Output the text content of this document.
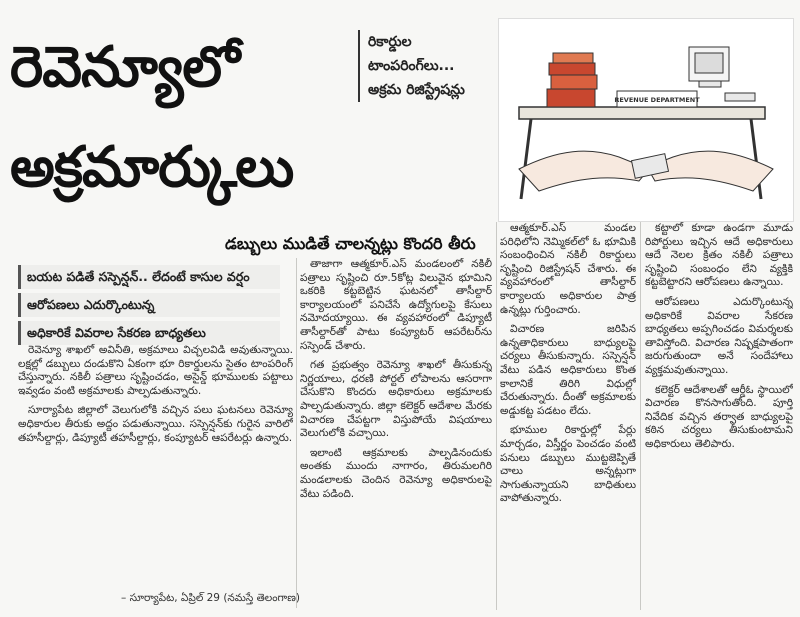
రెవెన్యూలో
అక్రమార్కులు
రికార్డుల
టాంపరింగ్‌లు...
అక్రమ రిజిస్ట్రేషన్లు
REVENUE DEPARTMENT
డబ్బులు ముడితే చాలన్నట్లు కొందరి తీరు
బయట పడితే సస్పెన్షన్‌.. లేదంటే కాసుల వర్షం
ఆరోపణలు ఎదుర్కొంటున్న
అధికారికే వివరాల సేకరణ బాధ్యతలు

రెవెన్యూ శాఖలో అవినీతి, అక్రమాలు విచ్చలవిడి అవుతున్నాయి. లక్షల్లో డబ్బులు దండుకొని ఏకంగా భూ రికార్డులను సైతం టాంపరింగ్‌ చేస్తున్నారు. నకిలీ పత్రాలు సృష్టించడం, అసైన్డ్‌ భూములకు పట్టాలు ఇవ్వడం వంటి అక్రమాలకు పాల్పడుతున్నారు.

సూర్యాపేట జిల్లాలో వెలుగులోకి వచ్చిన పలు ఘటనలు రెవెన్యూ అధికారుల తీరుకు అద్దం పడుతున్నాయి. సస్పెన్షన్‌కు గురైన వారిలో తహసీల్దార్లు, డిప్యూటీ తహసీల్దార్లు, కంప్యూటర్‌ ఆపరేటర్లు ఉన్నారు.

తాజాగా ఆత్మకూర్‌.ఎస్‌ మండలంలో నకిలీ పత్రాలు సృష్టించి రూ.5కోట్ల విలువైన భూమిని ఒకరికి కట్టబెట్టిన ఘటనలో తాసీల్దార్‌ కార్యాలయంలో పనిచేసే ఉద్యోగులపై కేసులు నమోదయ్యాయి. ఈ వ్యవహారంలో డిప్యూటీ తాసీల్దార్‌తో పాటు కంప్యూటర్‌ ఆపరేటర్‌ను సస్పెండ్‌ చేశారు.

గత ప్రభుత్వం రెవెన్యూ శాఖలో తీసుకున్న నిర్ణయాలు, ధరణి పోర్టల్‌ లోపాలను ఆసరాగా చేసుకొని కొందరు అధికారులు అక్రమాలకు పాల్పడుతున్నారు. జిల్లా కలెక్టర్‌ ఆదేశాల మేరకు విచారణ చేపట్టగా విస్తుపోయే విషయాలు వెలుగులోకి వచ్చాయి.

ఇలాంటి ఆక్రమాలకు పాల్పడినందుకు అంతకు ముందు నాగారం, తిరుమలగిరి మండలాలకు చెందిన రెవెన్యూ అధికారులపై వేటు పడింది.

ఆత్మకూర్‌.ఎస్‌ మండల పరిధిలోని నెమ్మికల్‌లో ఓ భూమికి సంబంధించిన నకిలీ రికార్డులు సృష్టించి రిజిస్ట్రేషన్‌ చేశారు. ఈ వ్యవహారంలో తాసీల్దార్‌ కార్యాలయ అధికారుల పాత్ర ఉన్నట్లు గుర్తించారు.

విచారణ జరిపిన ఉన్నతాధికారులు బాధ్యులపై చర్యలు తీసుకున్నారు. సస్పెన్షన్‌ వేటు పడిన అధికారులు కొంత కాలానికే తిరిగి విధుల్లో చేరుతున్నారు. దీంతో అక్రమాలకు అడ్డుకట్ట పడటం లేదు.

భూముల రికార్డుల్లో పేర్లు మార్చడం, విస్తీర్ణం పెంచడం వంటి పనులు డబ్బులు ముట్టజెప్పితే చాలు అన్నట్లుగా సాగుతున్నాయని బాధితులు వాపోతున్నారు.

కట్టాలో కూడా ఉండగా మూడు రిపోర్టులు ఇచ్చిన ఆదే అధికారులు ఆదే నెలల క్రితం నకిలీ పత్రాలు సృష్టించి సంబంధం లేని వ్యక్తికి కట్టబెట్టారని ఆరోపణలు ఉన్నాయి.

ఆరోపణలు ఎదుర్కొంటున్న అధికారికే వివరాల సేకరణ బాధ్యతలు అప్పగించడం విమర్శలకు తావిస్తోంది. విచారణ నిష్పక్షపాతంగా జరుగుతుందా అనే సందేహాలు వ్యక్తమవుతున్నాయి.

కలెక్టర్‌ ఆదేశాలతో ఆర్డీఓ స్థాయిలో విచారణ కొనసాగుతోంది. పూర్తి నివేదిక వచ్చిన తర్వాత బాధ్యులపై కఠిన చర్యలు తీసుకుంటామని అధికారులు తెలిపారు.

– సూర్యాపేట, ఏప్రిల్‌ 29 (నమస్తే తెలంగాణ)
